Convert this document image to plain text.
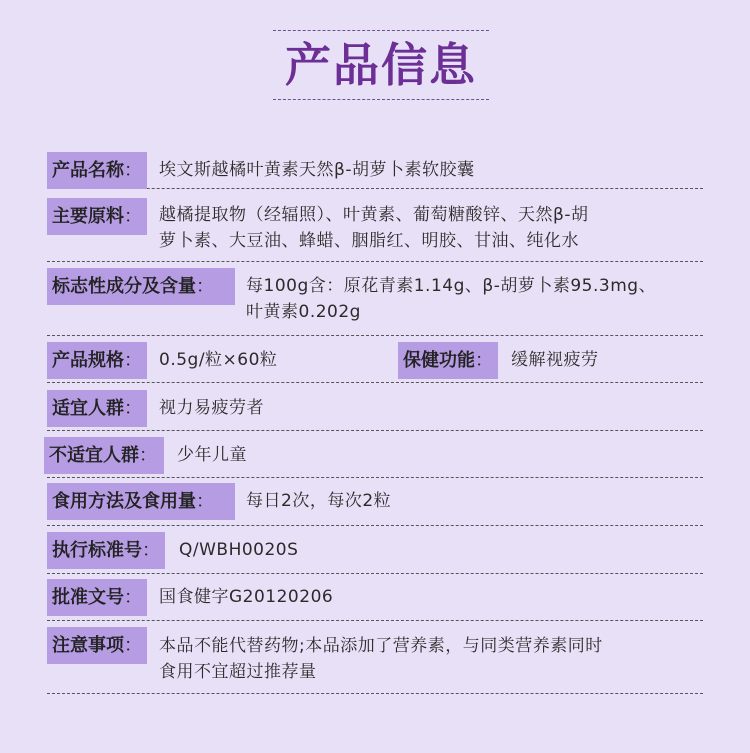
产品信息
产品名称： 埃文斯越橘叶黄素天然β-胡萝卜素软胶囊
主要原料： 越橘提取物（经辐照）、叶黄素、葡萄糖酸锌、天然β-胡
萝卜素、大豆油、蜂蜡、胭脂红、明胶、甘油、纯化水
标志性成分及含量：	每100g含：原花青素1.14g、β-胡萝卜素95.3mg、
叶黄素0.202g
产品规格： 0.5g/粒×60粒	保健功能： 缓解视疲劳
适宜人群： 视力易疲劳者
不适宜人群：	少年儿童
食用方法及食用量：	每日2次，每次2粒
执行标准号： Q/WBH0020S
批准文号： 国食健字G20120206
注意事项： 本品不能代替药物;本品添加了营养素，与同类营养素同时
食用不宜超过推荐量
